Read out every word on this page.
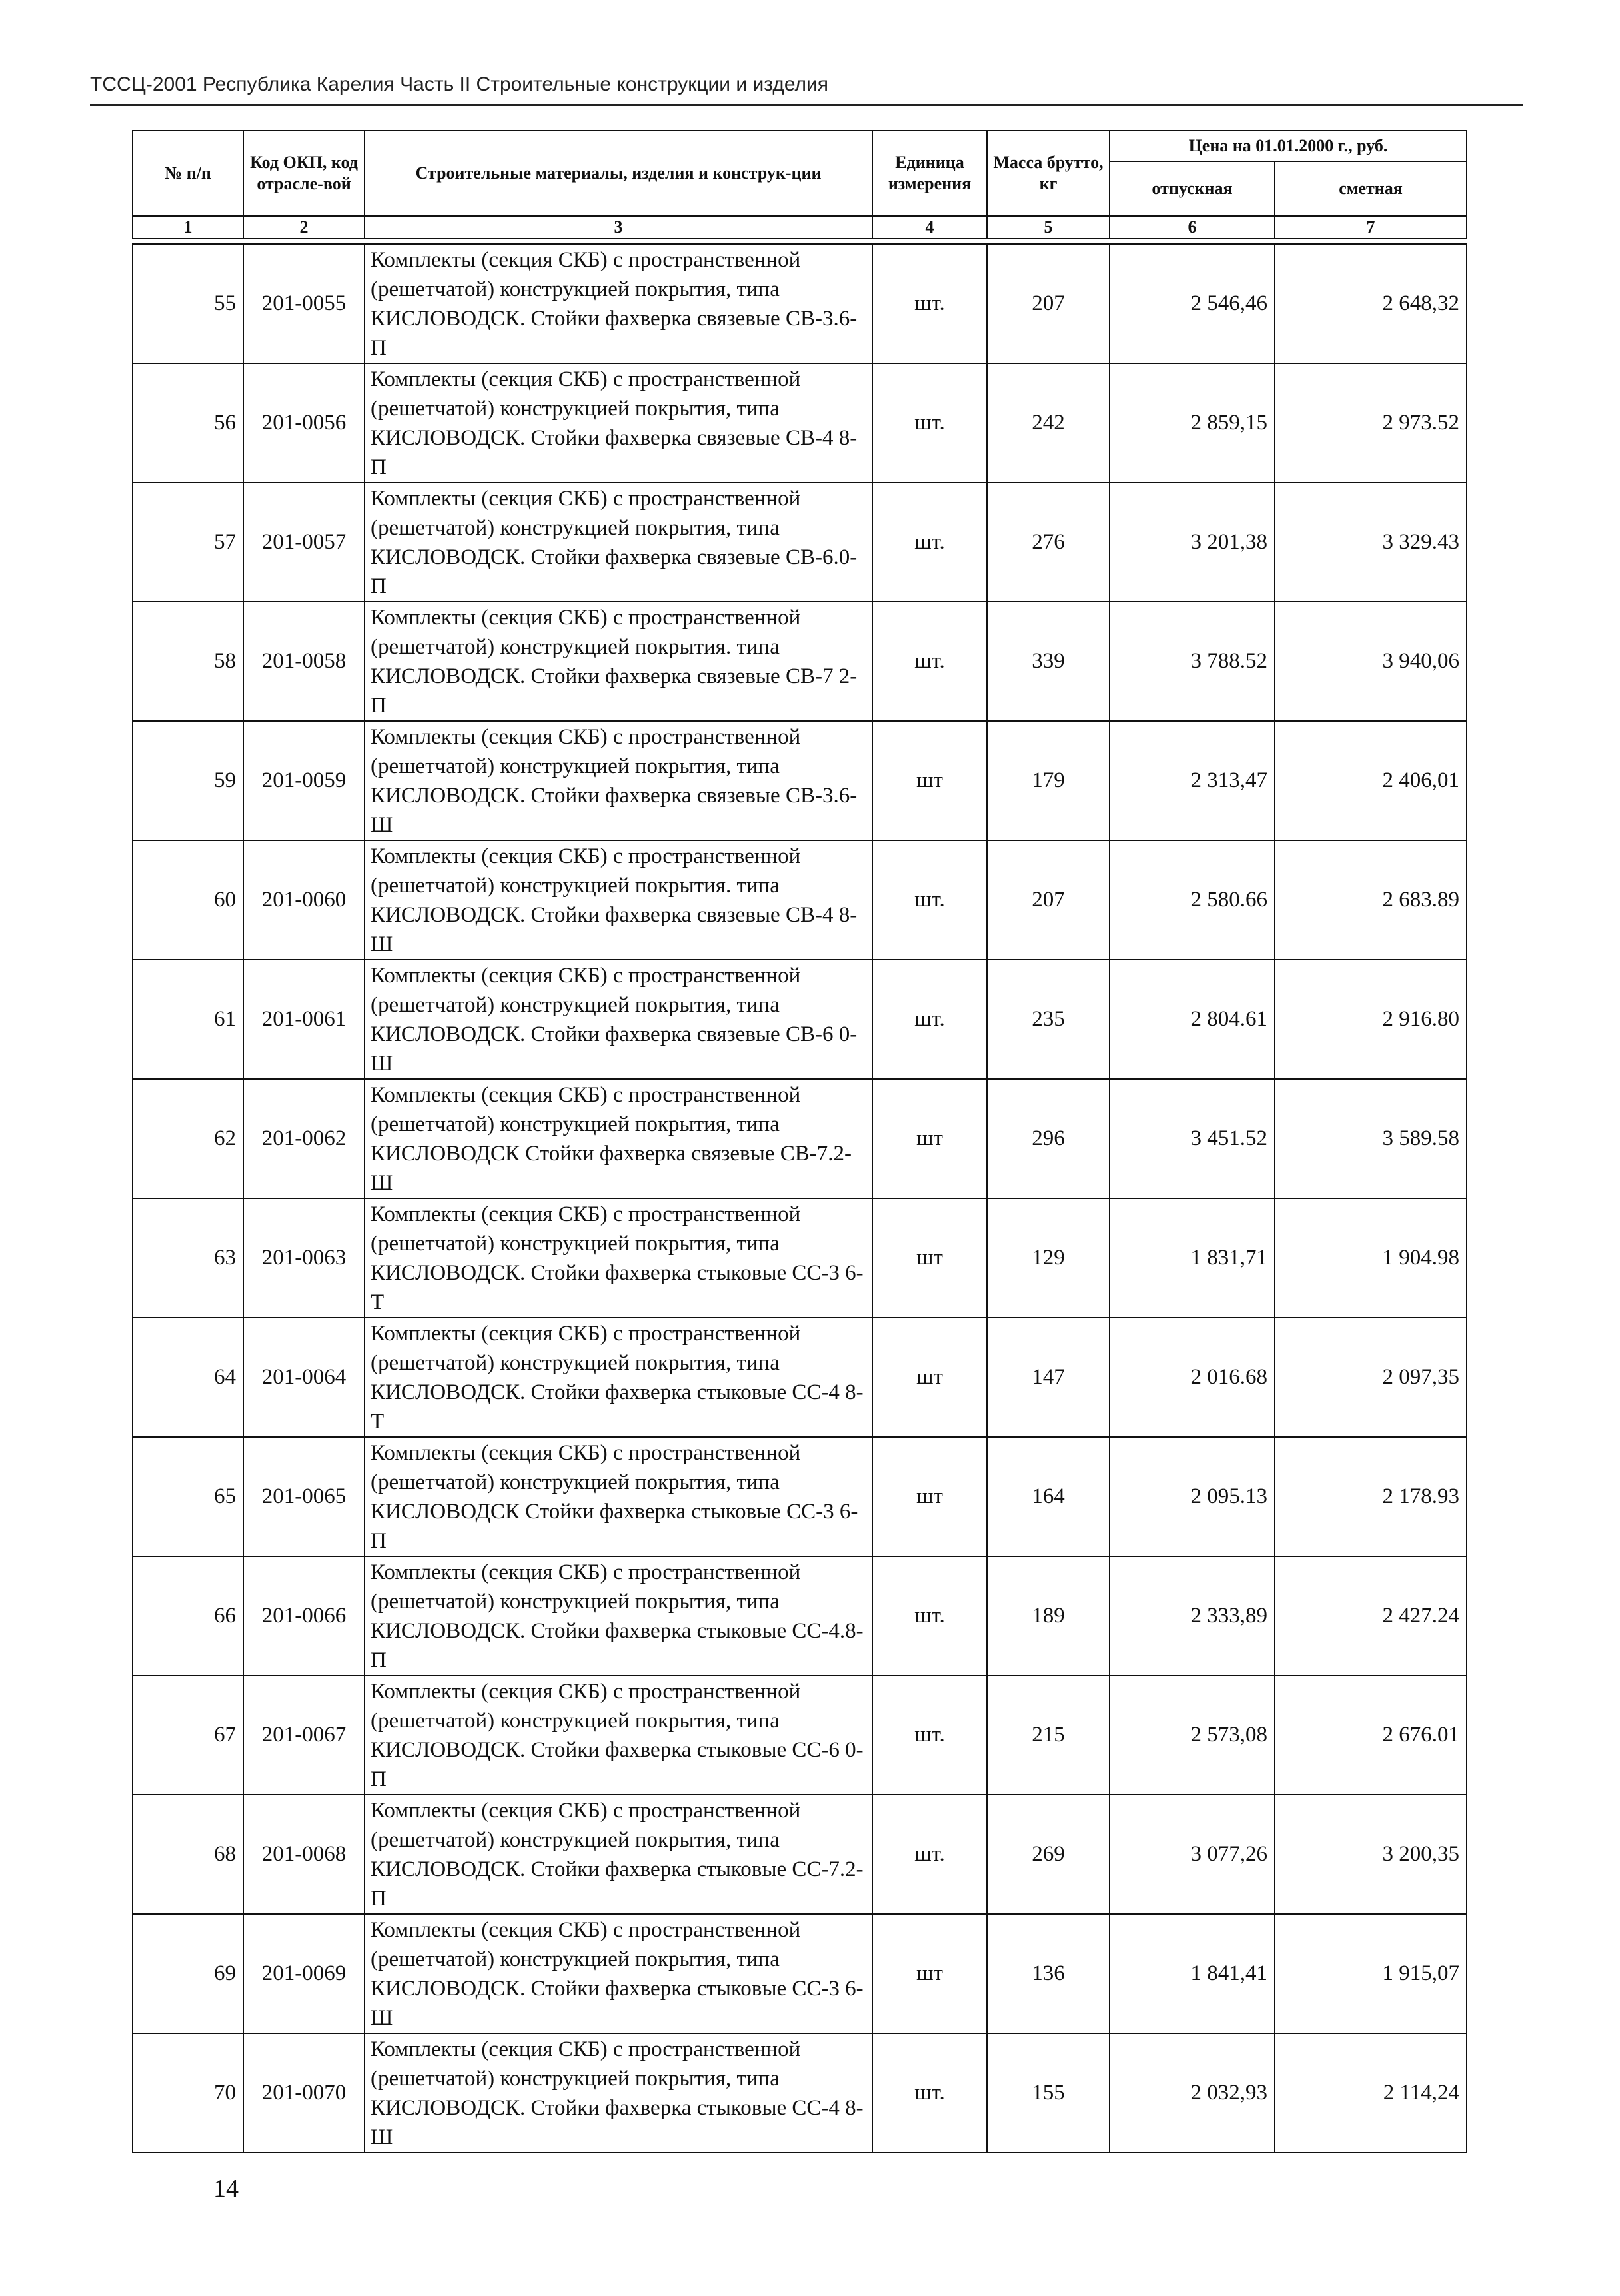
ТССЦ-2001 Республика Карелия Часть II Строительные конструкции и изделия
№ п/п	Код ОКП, код отрасле-вой	Строительные материалы, изделия и конструк-ции	Единица измерения	Масса брутто, кг	Цена на 01.01.2000 г., руб.	
					отпускная	сметная
1	2	3	4	5	6	7
55	201-0055	Комплекты (секция СКБ) с пространственной (решетчатой) конструкцией покрытия, типа КИСЛОВОДСК. Стойки фахверка связевые СВ-3.6-П	шт.	207	2 546,46	2 648,32
56	201-0056	Комплекты (секция СКБ) с пространственной (решетчатой) конструкцией покрытия, типа КИСЛОВОДСК. Стойки фахверка связевые СВ-4 8-П	шт.	242	2 859,15	2 973.52
57	201-0057	Комплекты (секция СКБ) с пространственной (решетчатой) конструкцией покрытия, типа КИСЛОВОДСК. Стойки фахверка связевые СВ-6.0-П	шт.	276	3 201,38	3 329.43
58	201-0058	Комплекты (секция СКБ) с пространственной (решетчатой) конструкцией покрытия. типа КИСЛОВОДСК. Стойки фахверка связевые СВ-7 2-П	шт.	339	3 788.52	3 940,06
59	201-0059	Комплекты (секция СКБ) с пространственной (решетчатой) конструкцией покрытия, типа КИСЛОВОДСК. Стойки фахверка связевые СВ-3.6-Ш	шт	179	2 313,47	2 406,01
60	201-0060	Комплекты (секция СКБ) с пространственной (решетчатой) конструкцией покрытия. типа КИСЛОВОДСК. Стойки фахверка связевые СВ-4 8-Ш	шт.	207	2 580.66	2 683.89
61	201-0061	Комплекты (секция СКБ) с пространственной (решетчатой) конструкцией покрытия, типа КИСЛОВОДСК. Стойки фахверка связевые СВ-6 0-Ш	шт.	235	2 804.61	2 916.80
62	201-0062	Комплекты (секция СКБ) с пространственной (решетчатой) конструкцией покрытия, типа КИСЛОВОДСК Стойки фахверка связевые СВ-7.2-Ш	шт	296	3 451.52	3 589.58
63	201-0063	Комплекты (секция СКБ) с пространственной (решетчатой) конструкцией покрытия, типа КИСЛОВОДСК. Стойки фахверка стыковые СС-3 6-Т	шт	129	1 831,71	1 904.98
64	201-0064	Комплекты (секция СКБ) с пространственной (решетчатой) конструкцией покрытия, типа КИСЛОВОДСК. Стойки фахверка стыковые СС-4 8-Т	шт	147	2 016.68	2 097,35
65	201-0065	Комплекты (секция СКБ) с пространственной (решетчатой) конструкцией покрытия, типа КИСЛОВОДСК Стойки фахверка стыковые СС-3 6-П	шт	164	2 095.13	2 178.93
66	201-0066	Комплекты (секция СКБ) с пространственной (решетчатой) конструкцией покрытия, типа КИСЛОВОДСК. Стойки фахверка стыковые СС-4.8-П	шт.	189	2 333,89	2 427.24
67	201-0067	Комплекты (секция СКБ) с пространственной (решетчатой) конструкцией покрытия, типа КИСЛОВОДСК. Стойки фахверка стыковые СС-6 0-П	шт.	215	2 573,08	2 676.01
68	201-0068	Комплекты (секция СКБ) с пространственной (решетчатой) конструкцией покрытия, типа КИСЛОВОДСК. Стойки фахверка стыковые СС-7.2-П	шт.	269	3 077,26	3 200,35
69	201-0069	Комплекты (секция СКБ) с пространственной (решетчатой) конструкцией покрытия, типа КИСЛОВОДСК. Стойки фахверка стыковые СС-3 6-Ш	шт	136	1 841,41	1 915,07
70	201-0070	Комплекты (секция СКБ) с пространственной (решетчатой) конструкцией покрытия, типа КИСЛОВОДСК. Стойки фахверка стыковые СС-4 8-Ш	шт.	155	2 032,93	2 114,24
14
